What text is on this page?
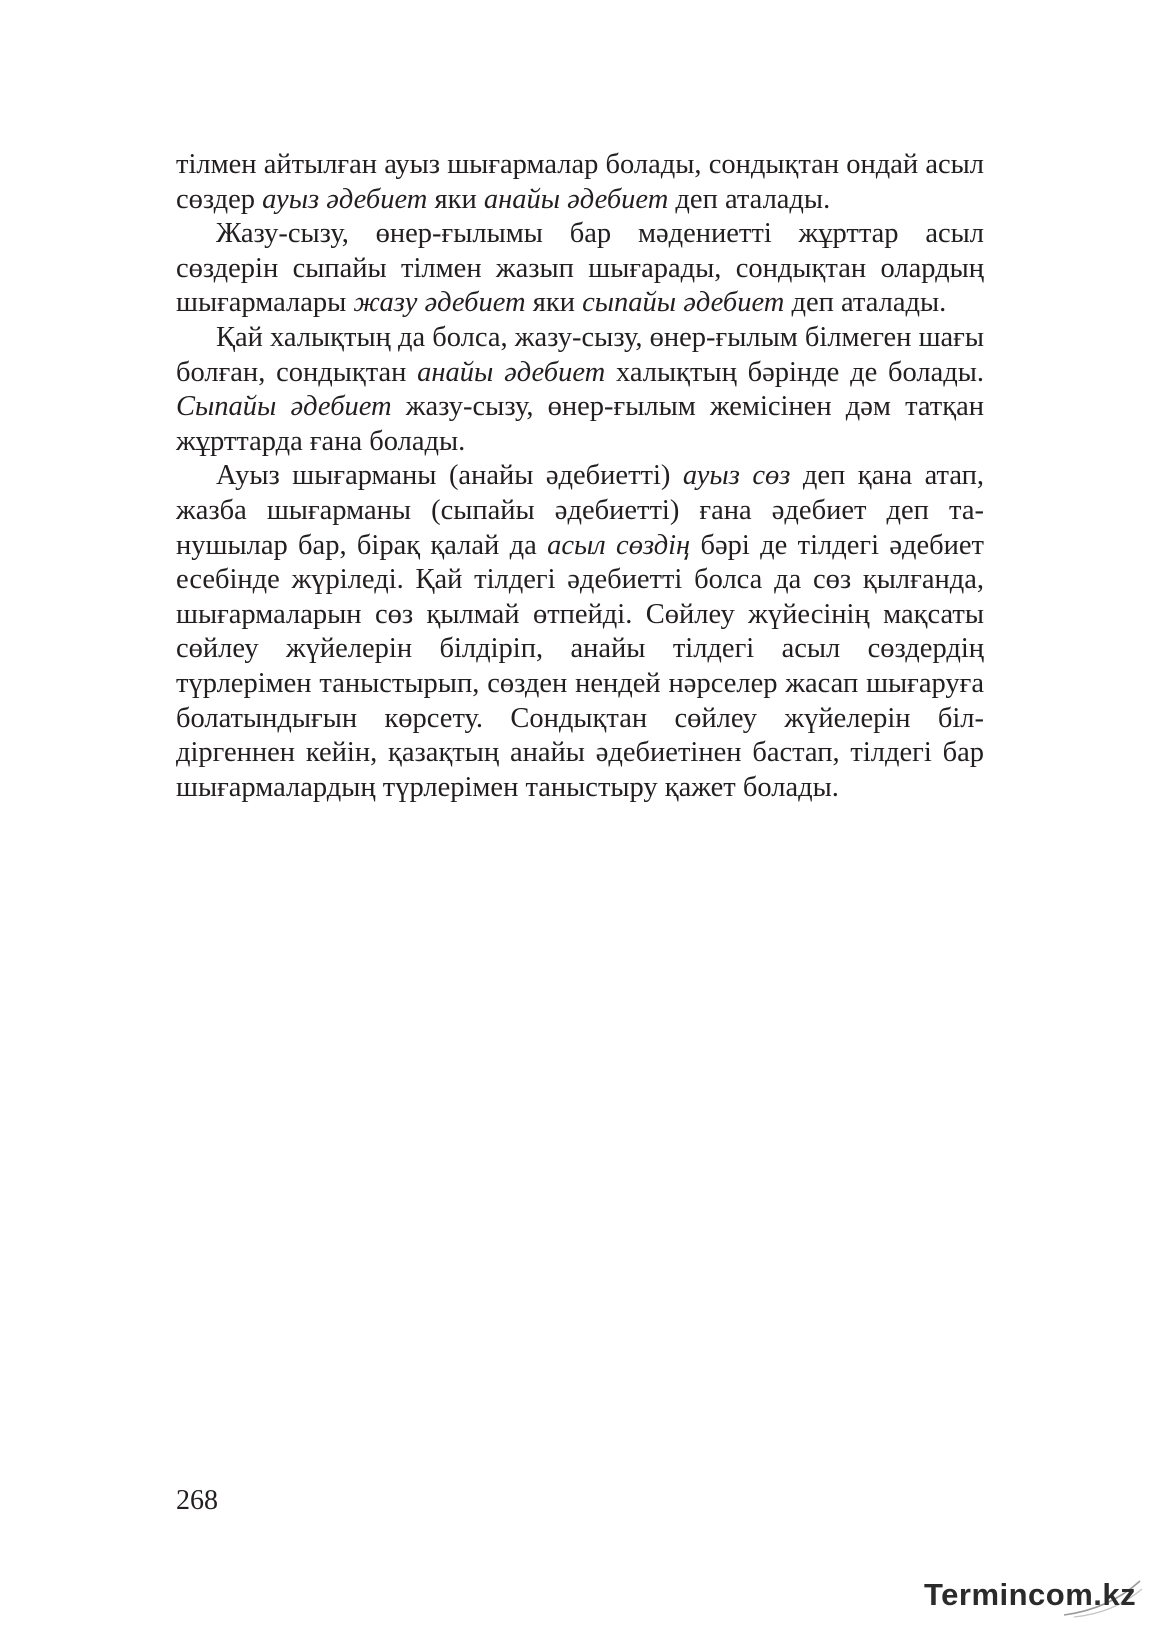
тілмен айтылған ауыз шығармалар болады, сондықтан ондай асыл сөздер ауыз әдебиет яки анайы әдебиет деп аталады.

Жазу-сызу, өнер-ғылымы бар мәдениетті жұрттар асыл сөздерін сыпайы тілмен жазып шығарады, сондықтан олардың шығармалары жазу әдебиет яки сыпайы әдебиет деп аталады.

Қай халықтың да болса, жазу-сызу, өнер-ғылым білмеген шағы болған, сондықтан анайы әдебиет халықтың бәрінде де болады. Сыпайы әдебиет жазу-сызу, өнер-ғылым жемісінен дәм татқан жұрттарда ғана болады.

Ауыз шығарманы (анайы әдебиетті) ауыз сөз деп қана атап, жазба шығарманы (сыпайы әдебиетті) ғана әдебиет деп танушылар бар, бірақ қалай да асыл сөздің бәрі де тілдегі әдебиет есебінде жүріледі. Қай тілдегі әдебиетті болса да сөз қылғанда, шығармаларын сөз қылмай өтпейді. Сөйлеу жүйесінің мақсаты сөйлеу жүйелерін білдіріп, анайы тілдегі асыл сөздердің түрлерімен таныстырып, сөзден нендей нәрселер жасап шығаруға болатындығын көрсету. Сондықтан сөйлеу жүйелерін білдіргеннен кейін, қазақтың анайы әдебиетінен бастап, тілдегі бар шығармалардың түрлерімен таныстыру қажет болады.

268
Termincom.kz
